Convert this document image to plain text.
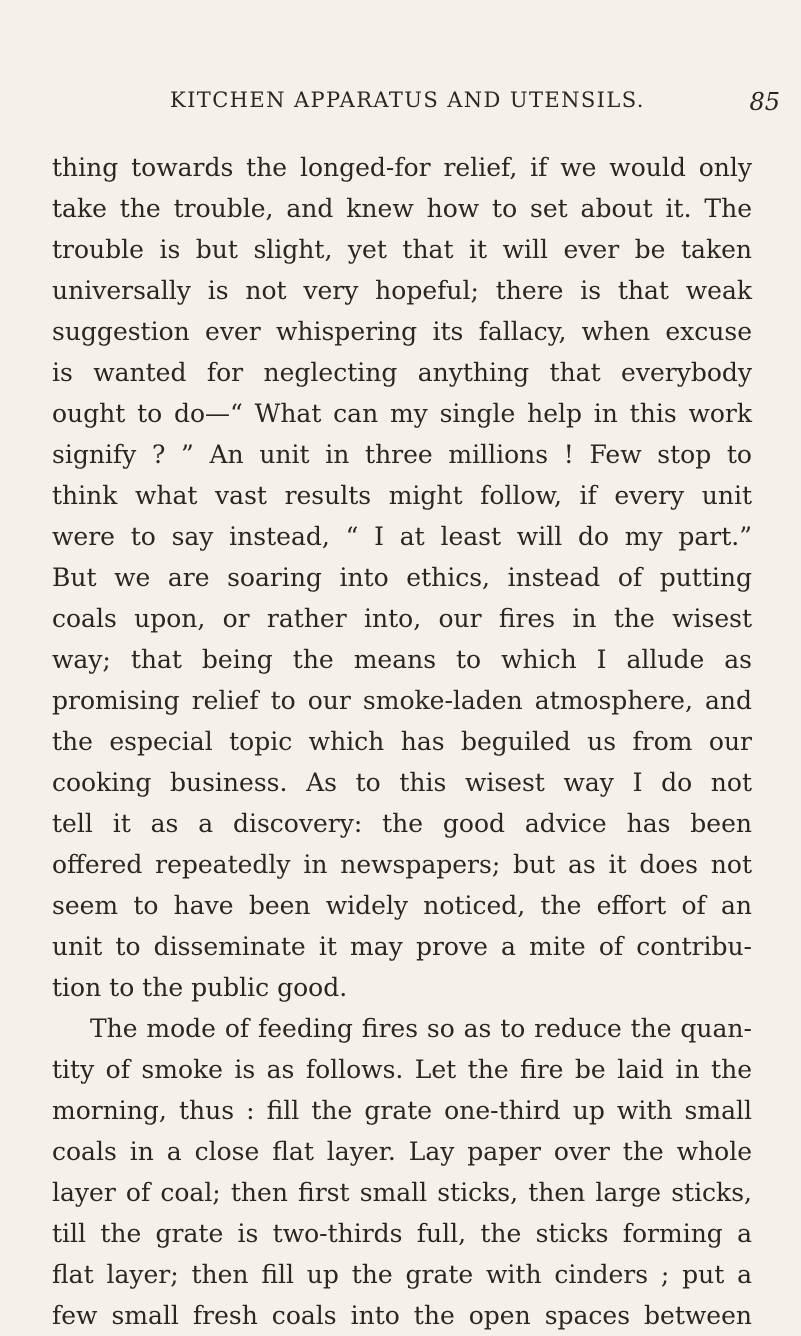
KITCHEN APPARATUS AND UTENSILS.	85
thing towards the longed-for relief, if we would only
take the trouble, and knew how to set about it. The
trouble is but slight, yet that it will ever be taken
universally is not very hopeful; there is that weak
suggestion ever whispering its fallacy, when excuse
is wanted for neglecting anything that everybody
ought to do—“ What can my single help in this work
signify ? ” An unit in three millions ! Few stop to
think what vast results might follow, if every unit
were to say instead, “ I at least will do my part.”
But we are soaring into ethics, instead of putting
coals upon, or rather into, our fires in the wisest
way; that being the means to which I allude as
promising relief to our smoke-laden atmosphere, and
the especial topic which has beguiled us from our
cooking business. As to this wisest way I do not
tell it as a discovery: the good advice has been
offered repeatedly in newspapers; but as it does not
seem to have been widely noticed, the effort of an
unit to disseminate it may prove a mite of contribu-
tion to the public good.
The mode of feeding fires so as to reduce the quan-
tity of smoke is as follows. Let the fire be laid in the
morning, thus : fill the grate one-third up with small
coals in a close flat layer. Lay paper over the whole
layer of coal; then first small sticks, then large sticks,
till the grate is two-thirds full, the sticks forming a
flat layer; then fill up the grate with cinders ; put a
few small fresh coals into the open spaces between
